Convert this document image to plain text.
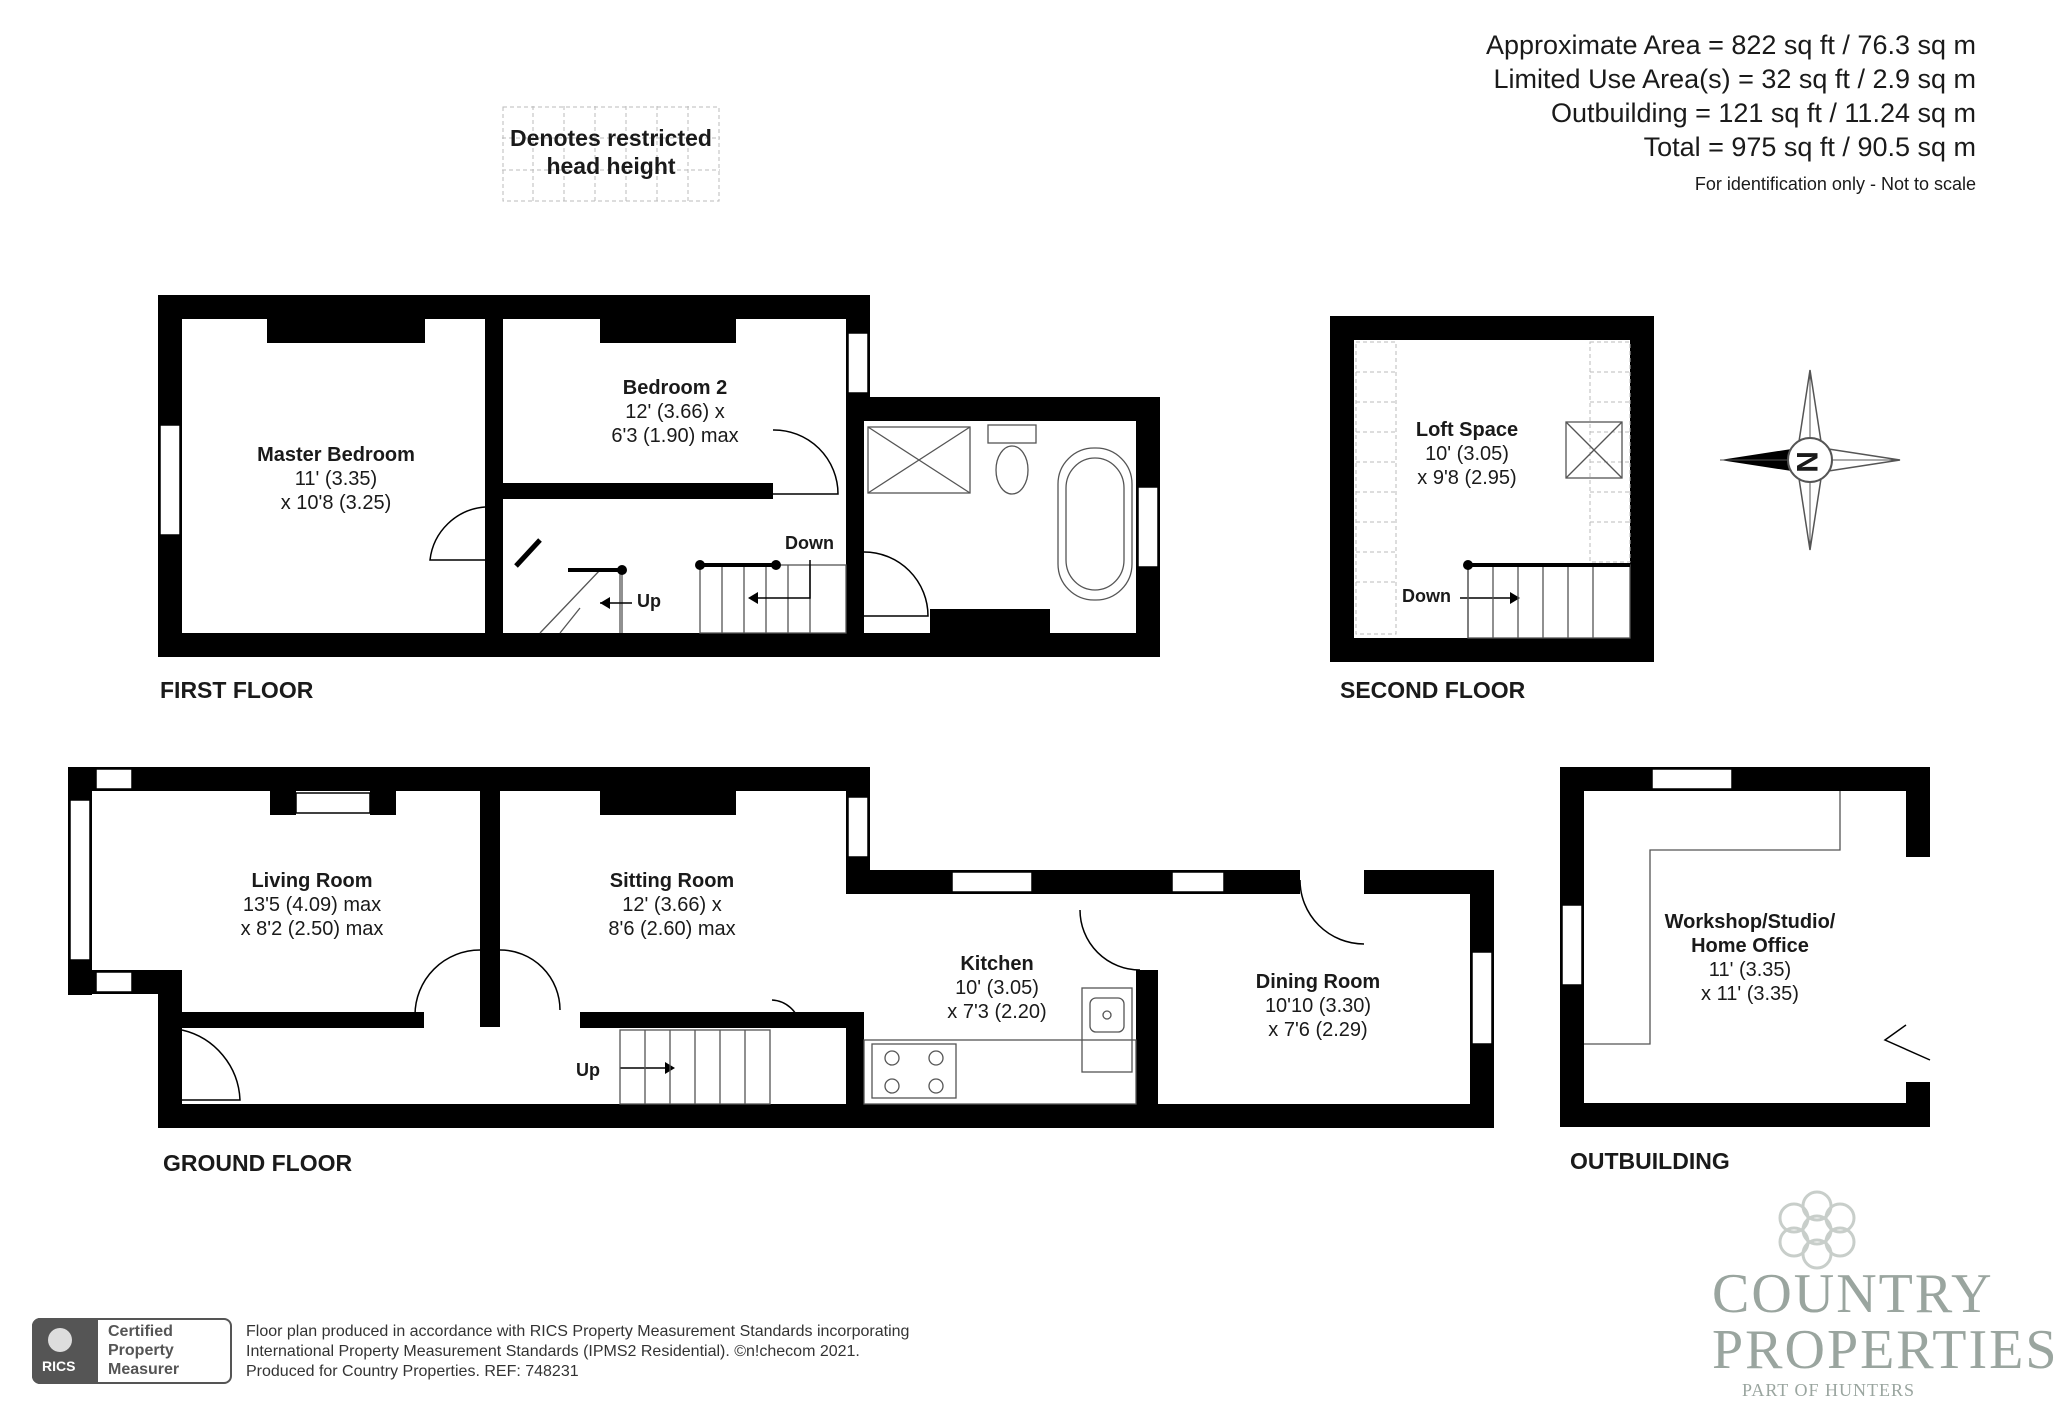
Approximate Area = 822 sq ft / 76.3 sq m
Limited Use Area(s) = 32 sq ft / 2.9 sq m
Outbuilding = 121 sq ft / 11.24 sq m
Total = 975 sq ft / 90.5 sq m
For identification only - Not to scale
Denotes restricted
head height
N
Master Bedroom
11' (3.35)
x 10'8 (3.25)
Bedroom 2
12' (3.66) x
6'3 (1.90) max	Loft Space
10' (3.05)
x 9'8 (2.95)
Living Room
13'5 (4.09) max
x 8'2 (2.50) max
Sitting Room
12' (3.66) x
8'6 (2.60) max
Kitchen
10' (3.05)
x 7'3 (2.20)
Dining Room
10'10 (3.30)
x 7'6 (2.29)
Workshop/Studio/
Home Office
11' (3.35)
x 11' (3.35)
Down
Up	Down
Up
FIRST FLOOR	SECOND FLOOR
GROUND FLOOR	OUTBUILDING
RICS
Certified
Property
Measurer
Floor plan produced in accordance with RICS Property Measurement Standards incorporating
International Property Measurement Standards (IPMS2 Residential). ©n!checom 2021.
Produced for Country Properties. REF: 748231
COUNTRY
PROPERTIES
PART OF HUNTERS
